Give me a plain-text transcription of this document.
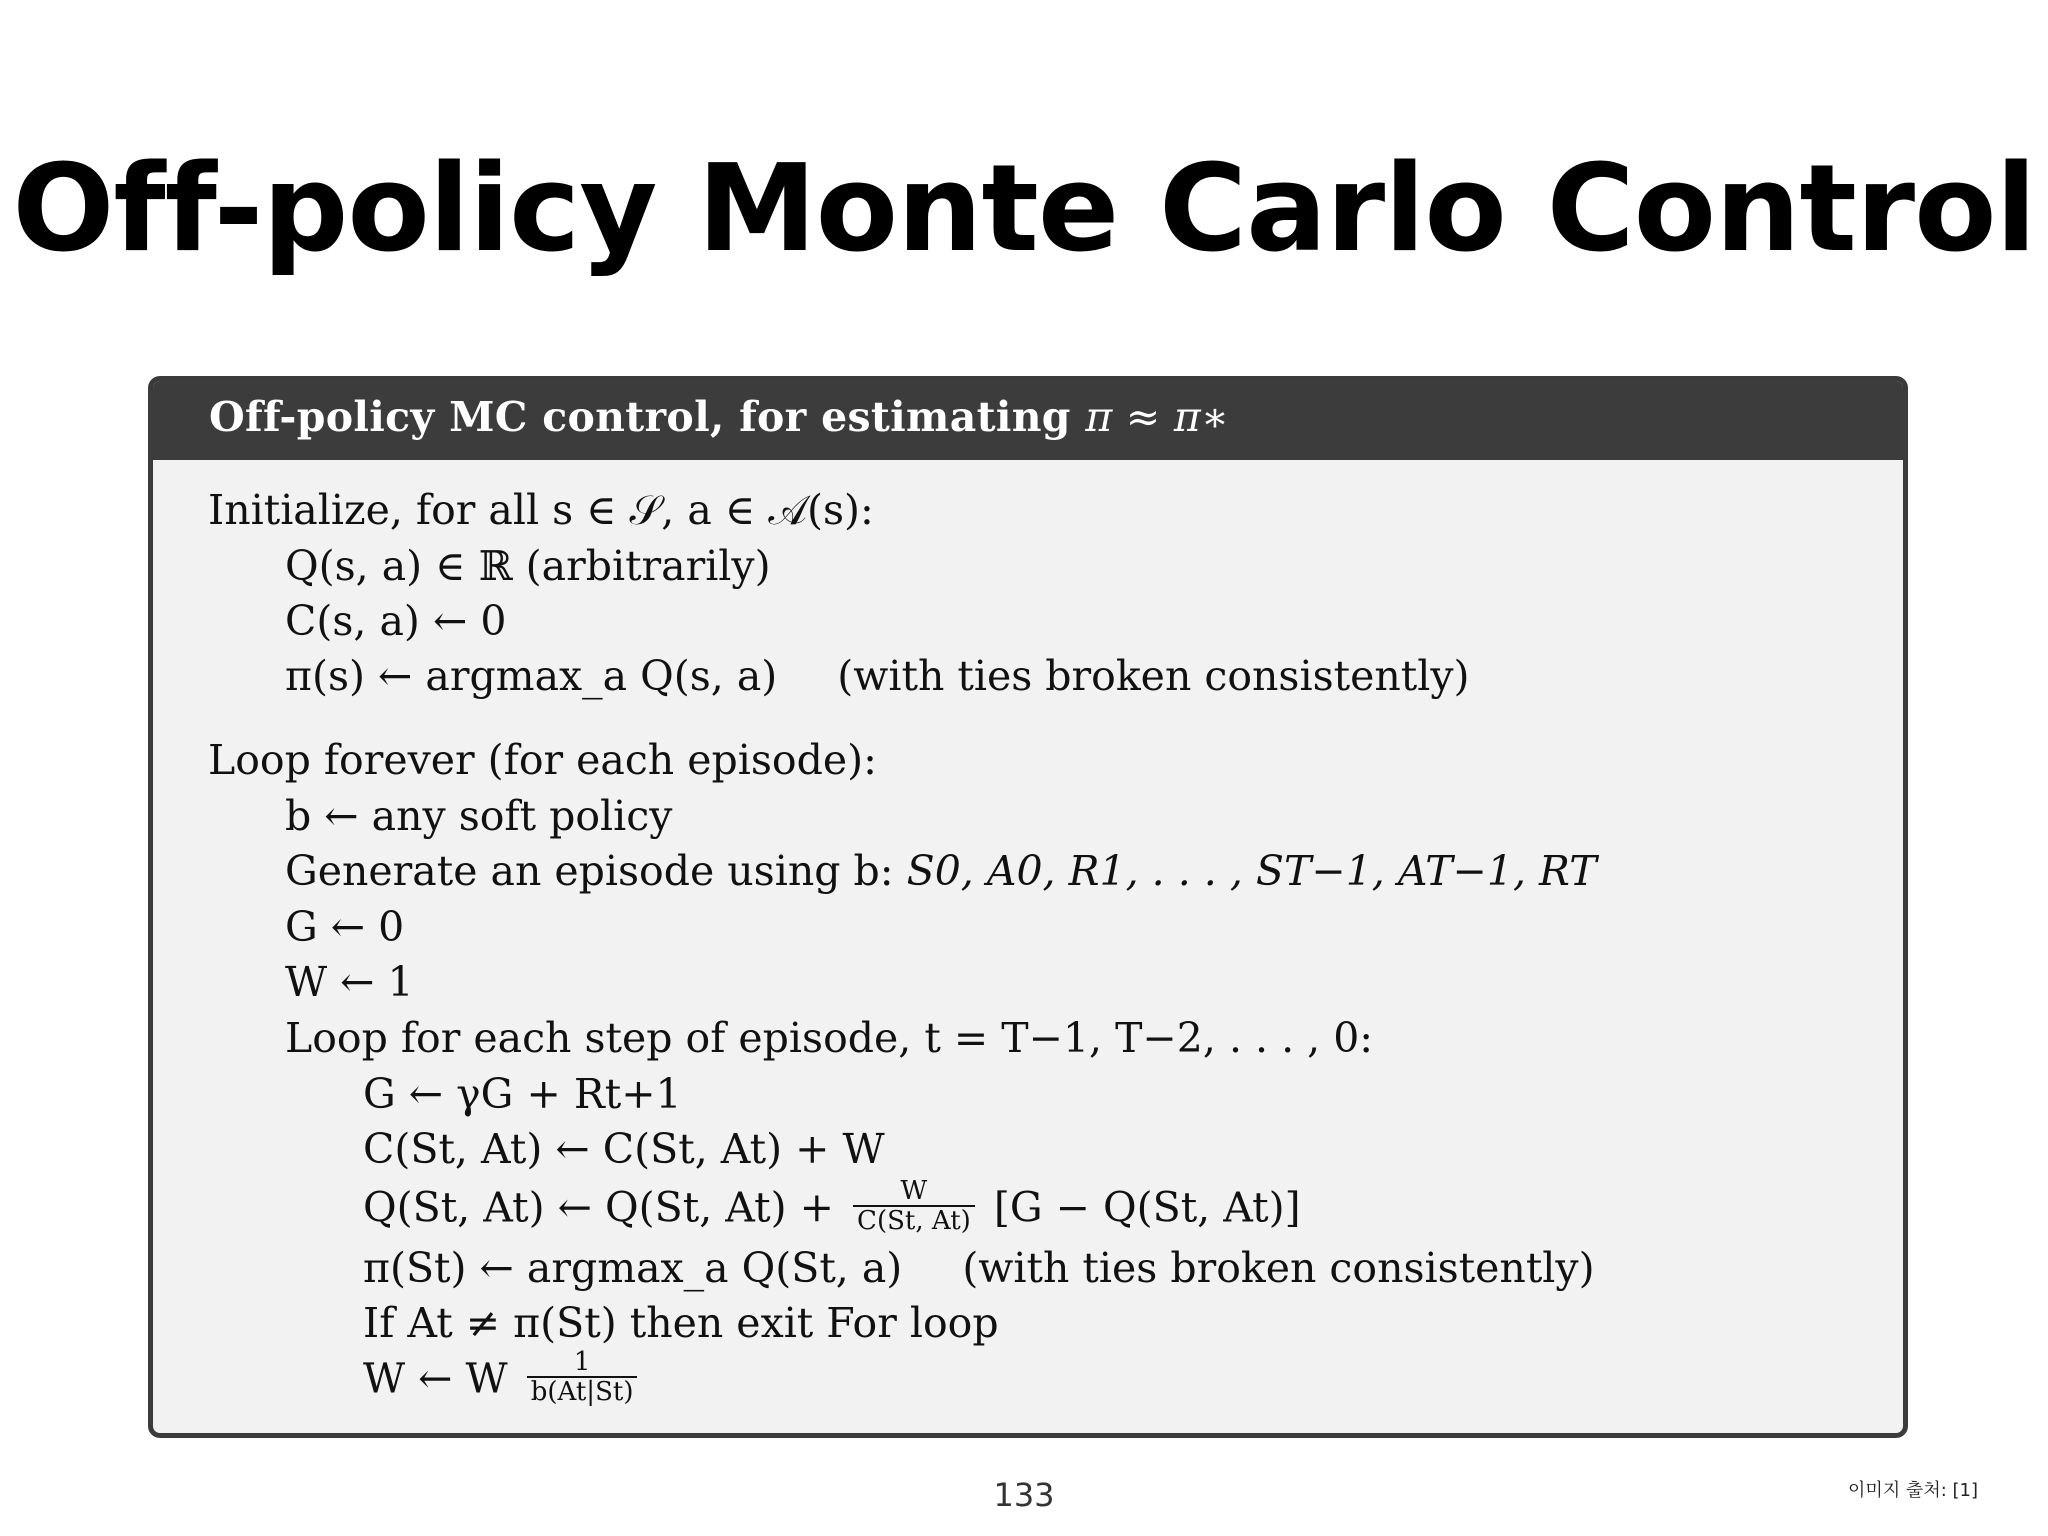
Off-policy Monte Carlo Control
Off-policy MC control, for estimating π ≈ π∗
Initialize, for all s ∈ 𝒮, a ∈ 𝒜(s):
Q(s, a) ∈ ℝ (arbitrarily)
C(s, a) ← 0
π(s) ← argmax_a Q(s, a) (with ties broken consistently)
Loop forever (for each episode):
b ← any soft policy
Generate an episode using b: S0, A0, R1, . . . , ST−1, AT−1, RT
G ← 0
W ← 1
Loop for each step of episode, t = T−1, T−2, . . . , 0:
G ← γG + Rt+1
C(St, At) ← C(St, At) + W
Q(St, At) ← Q(St, $At) + \frac{W}{C(St, At)} [G - Q(St$, At)]
π(St) ← argmax_a Q(St, a) (with ties broken consistently)
If At ≠ π(St) then exit For loop
W ← W $\frac{1}{b(At|St)}$
133	이미지 출처: [1]
